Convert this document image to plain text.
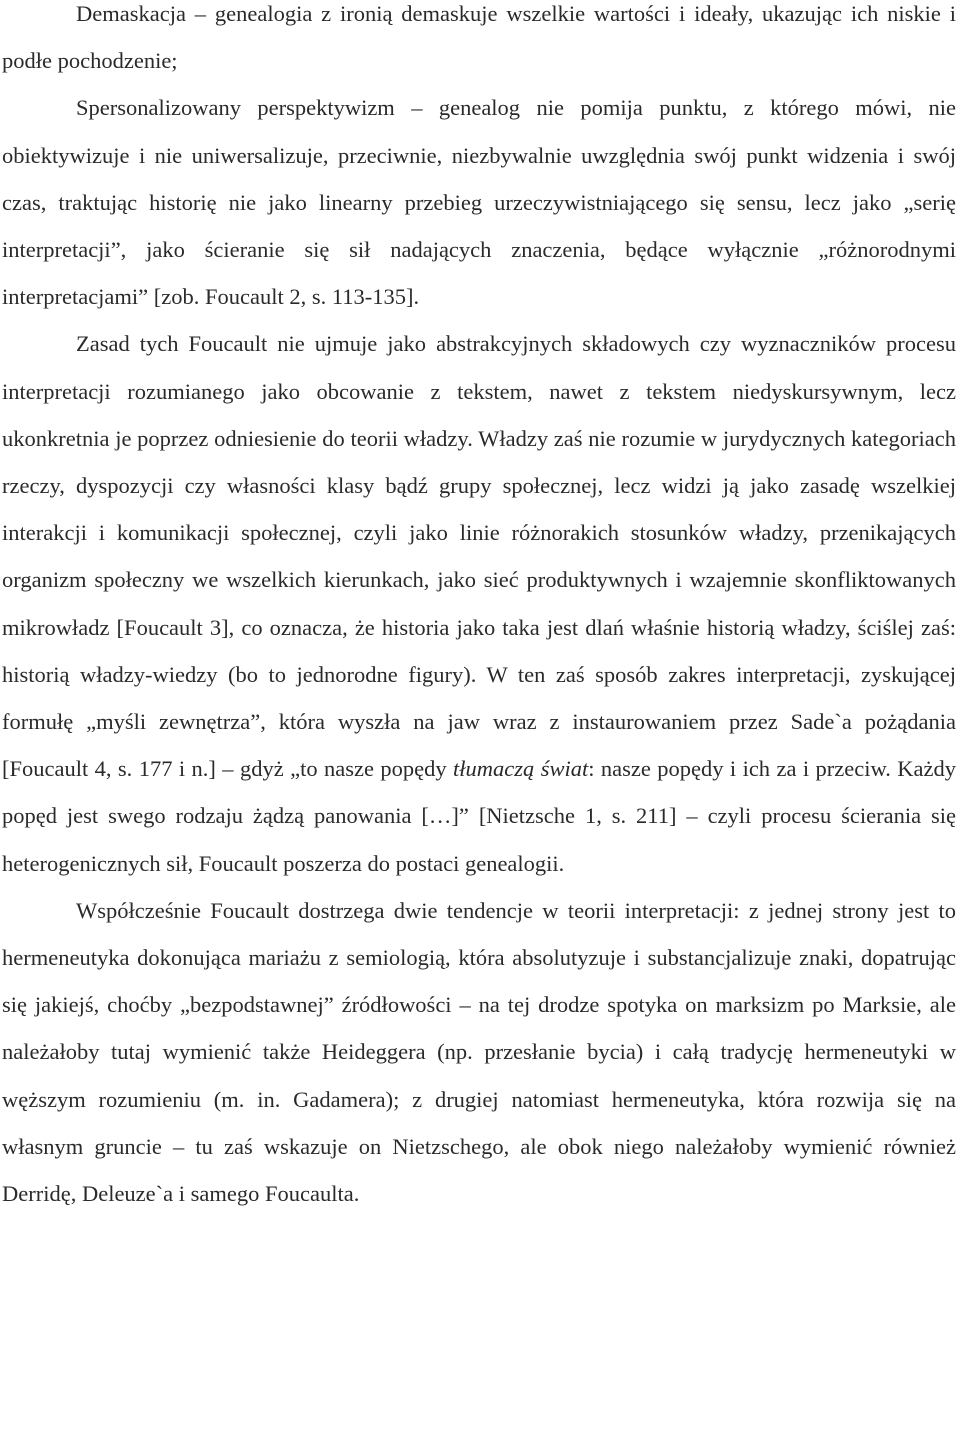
Demaskacja – genealogia z ironią demaskuje wszelkie wartości i ideały, ukazując ich niskie i podłe pochodzenie;

Spersonalizowany perspektywizm – genealog nie pomija punktu, z którego mówi, nie obiektywizuje i nie uniwersalizuje, przeciwnie, niezbywalnie uwzględnia swój punkt widzenia i swój czas, traktując historię nie jako linearny przebieg urzeczywistniającego się sensu, lecz jako „serię interpretacji”, jako ścieranie się sił nadających znaczenia, będące wyłącznie „różnorodnymi interpretacjami” [zob. Foucault 2, s. 113-135].

Zasad tych Foucault nie ujmuje jako abstrakcyjnych składowych czy wyznaczników procesu interpretacji rozumianego jako obcowanie z tekstem, nawet z tekstem niedyskursywnym, lecz ukonkretnia je poprzez odniesienie do teorii władzy. Władzy zaś nie rozumie w jurydycznych kategoriach rzeczy, dyspozycji czy własności klasy bądź grupy społecznej, lecz widzi ją jako zasadę wszelkiej interakcji i komunikacji społecznej, czyli jako linie różnorakich stosunków władzy, przenikających organizm społeczny we wszelkich kierunkach, jako sieć produktywnych i wzajemnie skonfliktowanych mikrowładz [Foucault 3], co oznacza, że historia jako taka jest dlań właśnie historią władzy, ściślej zaś: historią władzy-wiedzy (bo to jednorodne figury). W ten zaś sposób zakres interpretacji, zyskującej formułę „myśli zewnętrza”, która wyszła na jaw wraz z instaurowaniem przez Sade`a pożądania [Foucault 4, s. 177 i n.] – gdyż „to nasze popędy tłumaczą świat: nasze popędy i ich za i przeciw. Każdy popęd jest swego rodzaju żądzą panowania […]” [Nietzsche 1, s. 211] – czyli procesu ścierania się heterogenicznych sił, Foucault poszerza do postaci genealogii.

Współcześnie Foucault dostrzega dwie tendencje w teorii interpretacji: z jednej strony jest to hermeneutyka dokonująca mariażu z semiologią, która absolutyzuje i substancjalizuje znaki, dopatrując się jakiejś, choćby „bezpodstawnej” źródłowości – na tej drodze spotyka on marksizm po Marksie, ale należałoby tutaj wymienić także Heideggera (np. przesłanie bycia) i całą tradycję hermeneutyki w węższym rozumieniu (m. in. Gadamera); z drugiej natomiast hermeneutyka, która rozwija się na własnym gruncie – tu zaś wskazuje on Nietzschego, ale obok niego należałoby wymienić również Derridę, Deleuze`a i samego Foucaulta.
